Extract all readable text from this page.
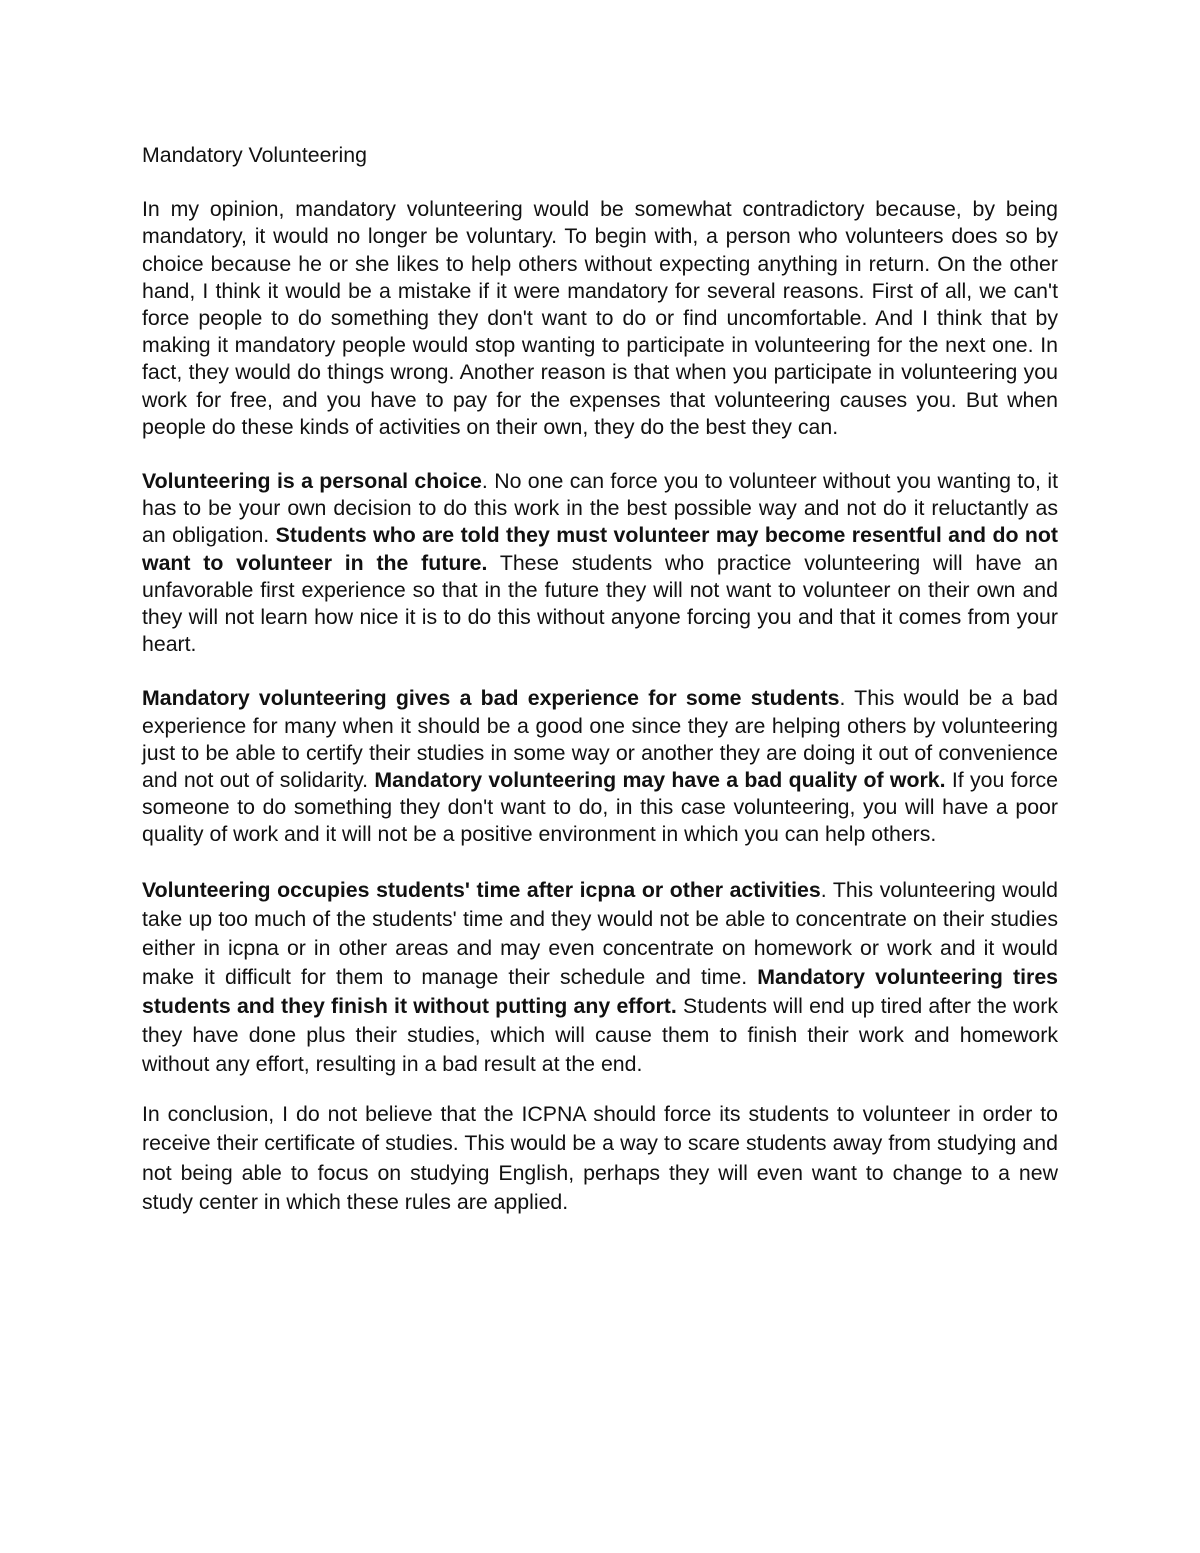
Mandatory Volunteering

In my opinion, mandatory volunteering would be somewhat contradictory because, by being mandatory, it would no longer be voluntary. To begin with, a person who volunteers does so by choice because he or she likes to help others without expecting anything in return. On the other hand, I think it would be a mistake if it were mandatory for several reasons. First of all, we can't force people to do something they don't want to do or find uncomfortable. And I think that by making it mandatory people would stop wanting to participate in volunteering for the next one. In fact, they would do things wrong. Another reason is that when you participate in volunteering you work for free, and you have to pay for the expenses that volunteering causes you. But when people do these kinds of activities on their own, they do the best they can.

Volunteering is a personal choice. No one can force you to volunteer without you wanting to, it has to be your own decision to do this work in the best possible way and not do it reluctantly as an obligation. Students who are told they must volunteer may become resentful and do not want to volunteer in the future. These students who practice volunteering will have an unfavorable first experience so that in the future they will not want to volunteer on their own and they will not learn how nice it is to do this without anyone forcing you and that it comes from your heart.

Mandatory volunteering gives a bad experience for some students. This would be a bad experience for many when it should be a good one since they are helping others by volunteering just to be able to certify their studies in some way or another they are doing it out of convenience and not out of solidarity. Mandatory volunteering may have a bad quality of work. If you force someone to do something they don't want to do, in this case volunteering, you will have a poor quality of work and it will not be a positive environment in which you can help others.

Volunteering occupies students' time after icpna or other activities. This volunteering would take up too much of the students' time and they would not be able to concentrate on their studies either in icpna or in other areas and may even concentrate on homework or work and it would make it difficult for them to manage their schedule and time. Mandatory volunteering tires students and they finish it without putting any effort. Students will end up tired after the work they have done plus their studies, which will cause them to finish their work and homework without any effort, resulting in a bad result at the end.

In conclusion, I do not believe that the ICPNA should force its students to volunteer in order to receive their certificate of studies. This would be a way to scare students away from studying and not being able to focus on studying English, perhaps they will even want to change to a new study center in which these rules are applied.
